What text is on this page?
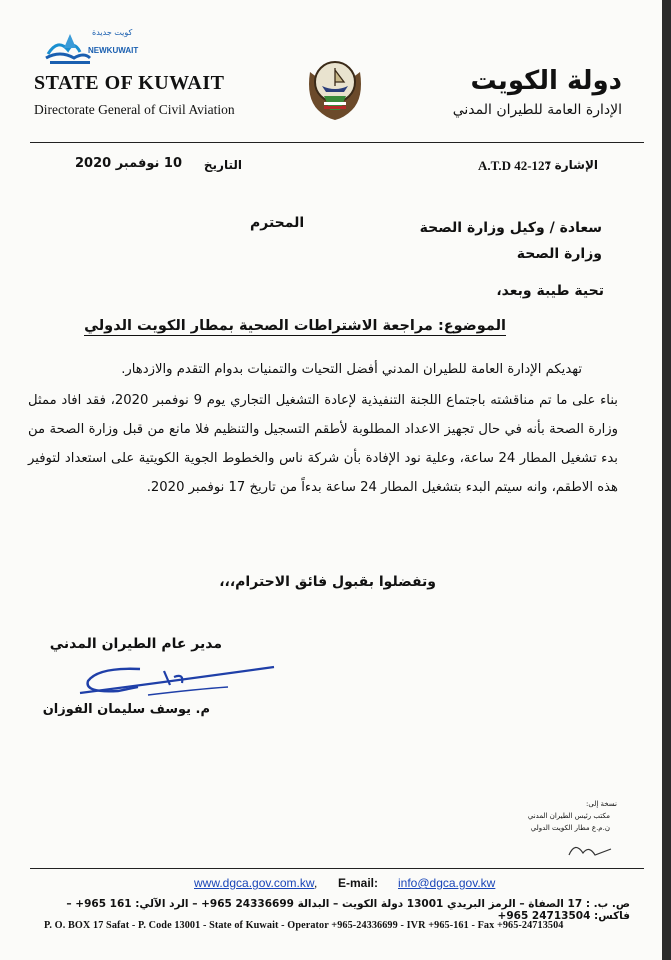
كويت جديدة
NEWKUWAIT
STATE OF KUWAIT
Directorate General of Civil Aviation
دولة الكويت
الإدارة العامة للطيران المدني
الإشارة :
A.T.D 42-127
التاريخ
10 نوفمبر 2020
سعادة / وكيل وزارة الصحة
وزارة الصحة
المحترم
تحية طيبة وبعد،
الموضوع: مراجعة الاشتراطات الصحية بمطار الكويت الدولي
تهديكم الإدارة العامة للطيران المدني أفضل التحيات والتمنيات بدوام التقدم والازدهار.
بناء على ما تم مناقشته باجتماع اللجنة التنفيذية لإعادة التشغيل التجاري يوم 9 نوفمبر 2020، فقد افاد ممثل وزارة الصحة بأنه في حال تجهيز الاعداد المطلوبة لأطقم التسجيل والتنظيم فلا مانع من قبل وزارة الصحة من بدء تشغيل المطار 24 ساعة، وعلية نود الإفادة بأن شركة ناس والخطوط الجوية الكويتية على استعداد لتوفير هذه الاطقم، وانه سيتم البدء بتشغيل المطار 24 ساعة بدءاً من تاريخ 17 نوفمبر 2020.
وتفضلوا بقبول فائق الاحترام،،،
مدير عام الطيران المدني
م. يوسف سليمان الفوزان
نسخة إلى:
مكتب رئيس الطيران المدني
ن.م.ع مطار الكويت الدولي
www.dgca.gov.com.kw , E-mail: info@dgca.gov.kw
ص. ب. : 17 الصفاة – الرمز البريدي 13001 دولة الكويت – البدالة 24336699 965+ – الرد الآلي: 161 965+ – فاكس: 24713504 965+
P. O. BOX 17 Safat - P. Code 13001 - State of Kuwait - Operator +965-24336699 - IVR +965-161 - Fax +965-24713504
